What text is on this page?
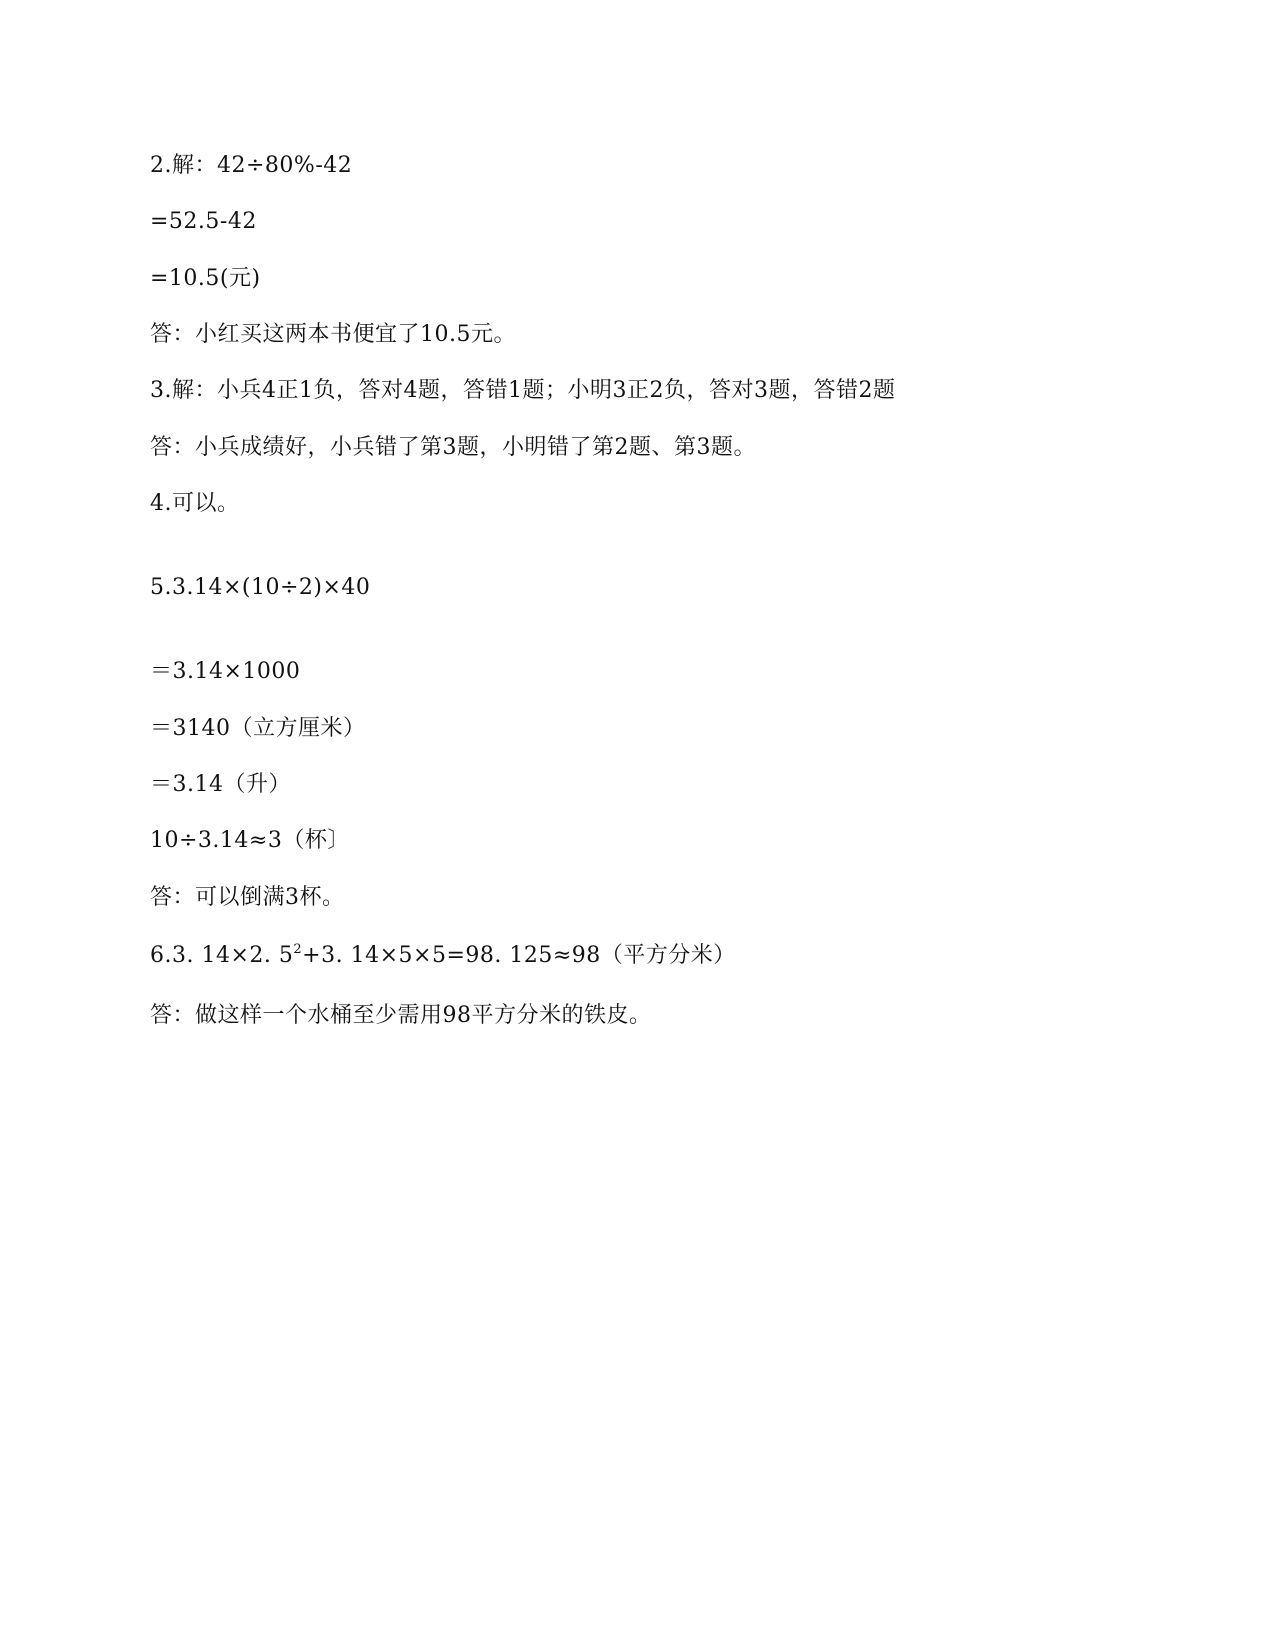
2.解：42÷80%-42
=52.5-42
=10.5(元)
答：小红买这两本书便宜了10.5元。
3.解：小兵4正1负，答对4题，答错1题；小明3正2负，答对3题，答错2题
答：小兵成绩好，小兵错了第3题，小明错了第2题、第3题。
4.可以。
5.3.14×(10÷2)×40
＝3.14×1000
＝3140（立方厘米）
＝3.14（升）
10÷3.14≈3（杯〕
答：可以倒满3杯。
6.3. 14×2. $5^2+3$. 14×5×5=98. 125≈98（平方分米）
答：做这样一个水桶至少需用98平方分米的铁皮。
